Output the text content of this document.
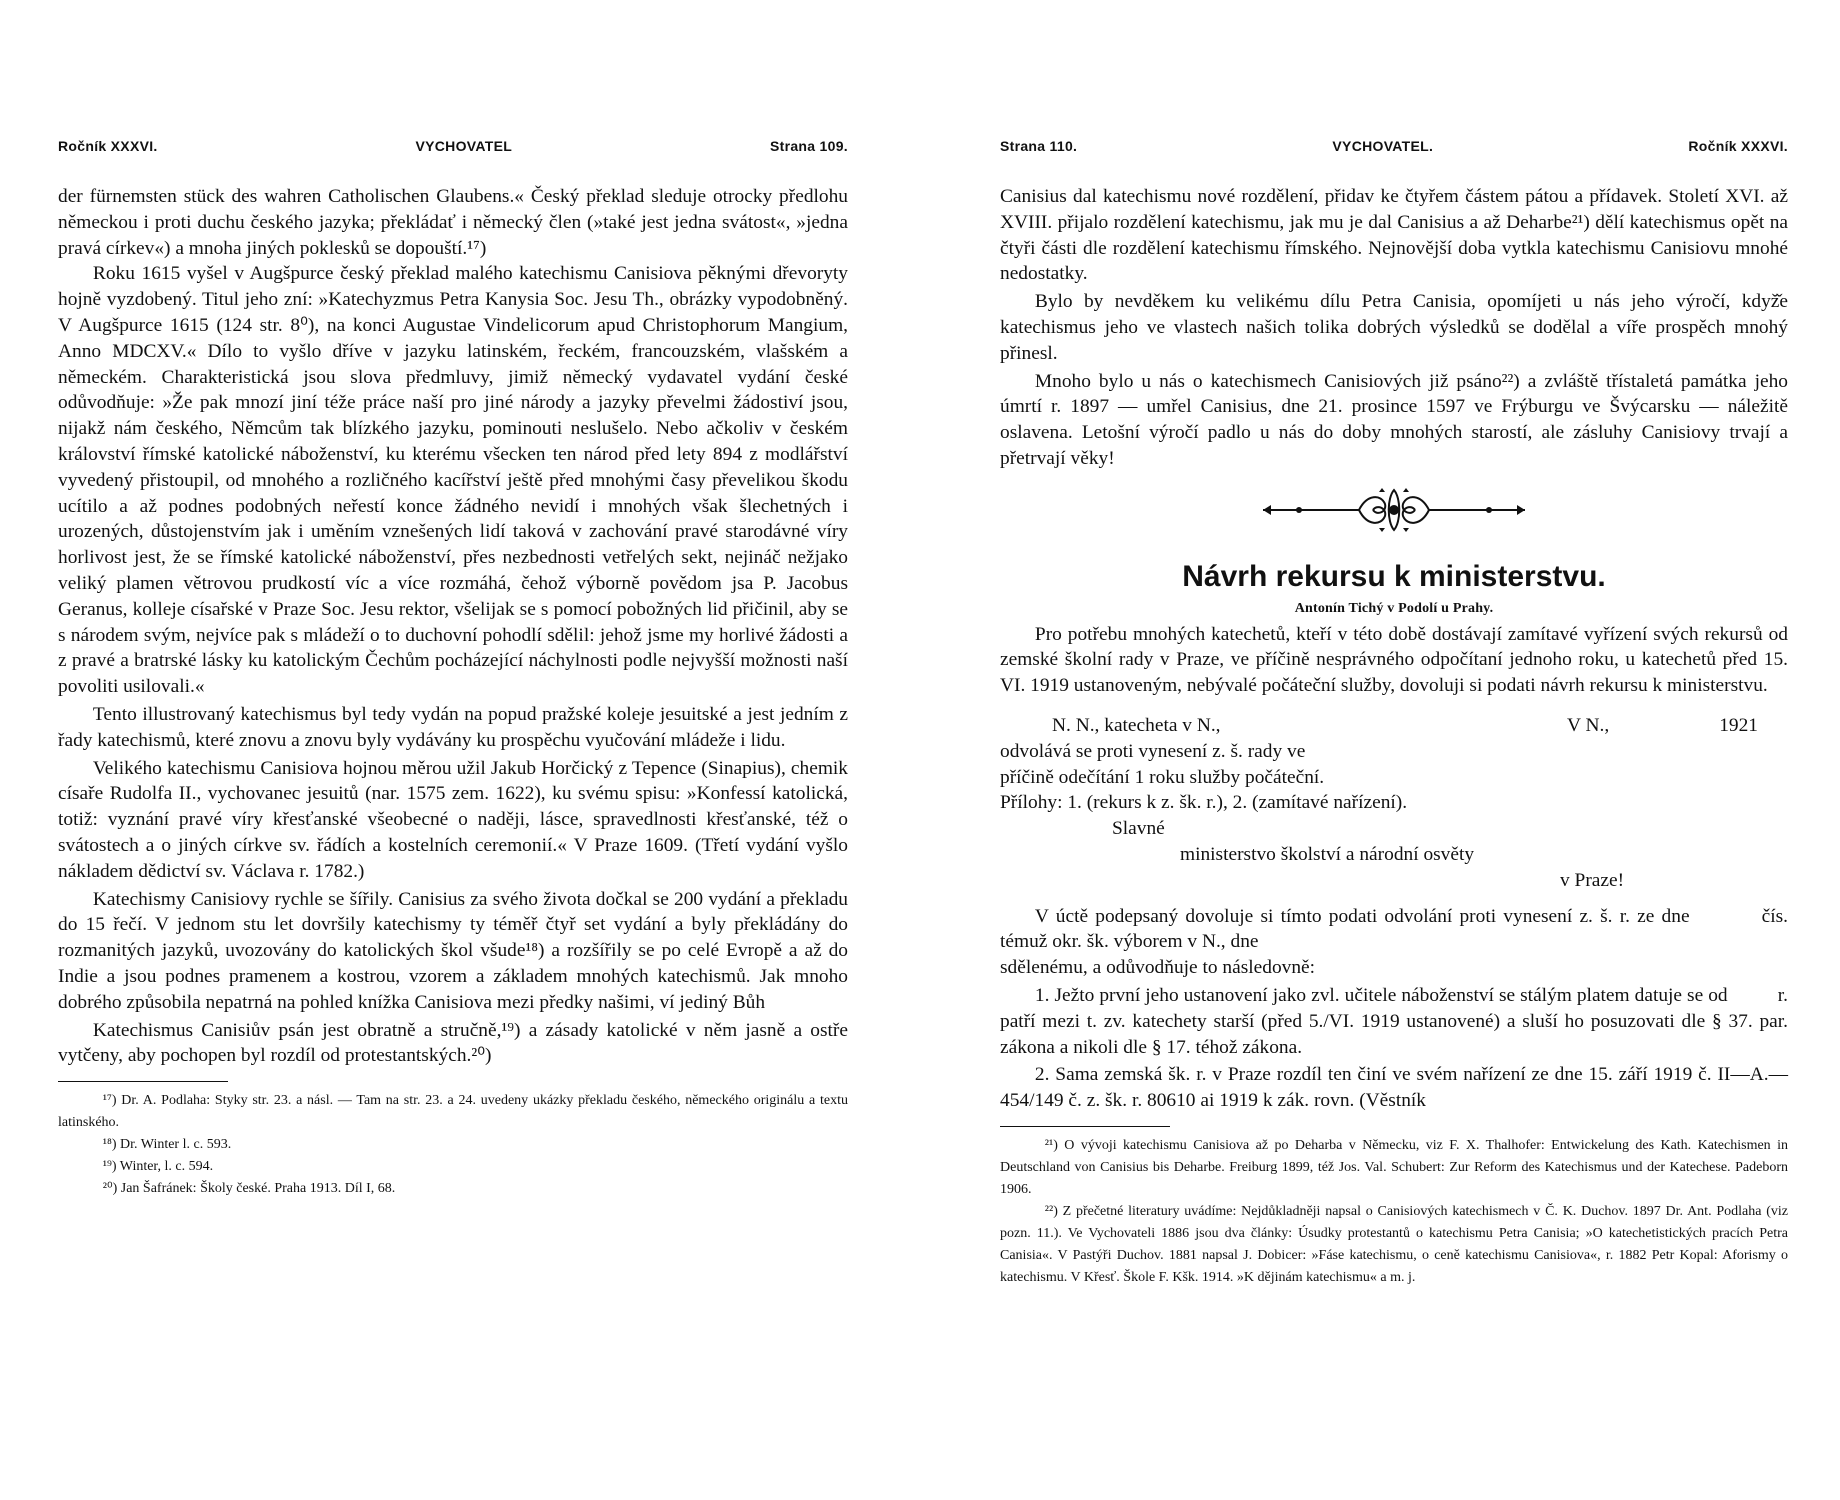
Ročník XXXVI.	VYCHOVATEL	Strana 109.

der fürnemsten stück des wahren Catholischen Glaubens.« Český překlad sleduje otrocky předlohu německou i proti duchu českého jazyka; překládať i německý člen (»také jest jedna svátost«, »jedna pravá církev«) a mnoha jiných poklesků se dopouští.¹⁷)

Roku 1615 vyšel v Augšpurce český překlad malého katechismu Canisiova pěknými dřevoryty hojně vyzdobený. Titul jeho zní: »Katechyzmus Petra Kanysia Soc. Jesu Th., obrázky vypodobněný. V Augšpurce 1615 (124 str. 8⁰), na konci Augustae Vindelicorum apud Christophorum Mangium, Anno MDCXV.« Dílo to vyšlo dříve v jazyku latinském, řeckém, francouzském, vlašském a německém. Charakteristická jsou slova předmluvy, jimiž německý vydavatel vydání české odůvodňuje: »Že pak mnozí jiní téže práce naší pro jiné národy a jazyky převelmi žádostiví jsou, nijakž nám českého, Němcům tak blízkého jazyku, pominouti neslušelo. Nebo ačkoliv v českém království římské katolické náboženství, ku kterému všecken ten národ před lety 894 z modlářství vyvedený přistoupil, od mnohého a rozličného kacířství ještě před mnohými časy převelikou škodu ucítilo a až podnes podobných neřestí konce žádného nevidí i mnohých však šlechetných i urozených, důstojenstvím jak i uměním vznešených lidí taková v zachování pravé starodávné víry horlivost jest, že se římské katolické náboženství, přes nezbednosti vetřelých sekt, nejináč nežjako veliký plamen větrovou prudkostí víc a více rozmáhá, čehož výborně povědom jsa P. Jacobus Geranus, kolleje císařské v Praze Soc. Jesu rektor, všelijak se s pomocí pobožných lid přičinil, aby se s národem svým, nejvíce pak s mládeží o to duchovní pohodlí sdělil: jehož jsme my horlivé žádosti a z pravé a bratrské lásky ku katolickým Čechům pocházející náchylnosti podle nejvyšší možnosti naší povoliti usilovali.«

Tento illustrovaný katechismus byl tedy vydán na popud pražské koleje jesuitské a jest jedním z řady katechismů, které znovu a znovu byly vydávány ku prospěchu vyučování mládeže i lidu.

Velikého katechismu Canisiova hojnou měrou užil Jakub Horčický z Tepence (Sinapius), chemik císaře Rudolfa II., vychovanec jesuitů (nar. 1575 zem. 1622), ku svému spisu: »Konfessí katolická, totiž: vyznání pravé víry křesťanské všeobecné o naději, lásce, spravedlnosti křesťanské, též o svátostech a o jiných církve sv. řádích a kostelních ceremonií.« V Praze 1609. (Třetí vydání vyšlo nákladem dědictví sv. Václava r. 1782.)

Katechismy Canisiovy rychle se šířily. Canisius za svého života dočkal se 200 vydání a překladu do 15 řečí. V jednom stu let dovršily katechismy ty téměř čtyř set vydání a byly překládány do rozmanitých jazyků, uvozovány do katolických škol všude¹⁸) a rozšířily se po celé Evropě a až do Indie a jsou podnes pramenem a kostrou, vzorem a základem mnohých katechismů. Jak mnoho dobrého způsobila nepatrná na pohled knížka Canisiova mezi předky našimi, ví jediný Bůh

Katechismus Canisiův psán jest obratně a stručně,¹⁹) a zásady katolické v něm jasně a ostře vytčeny, aby pochopen byl rozdíl od protestantských.²⁰)

¹⁷) Dr. A. Podlaha: Styky str. 23. a násl. — Tam na str. 23. a 24. uvedeny ukázky překladu českého, německého originálu a textu latinského.

¹⁸) Dr. Winter l. c. 593.

¹⁹) Winter, l. c. 594.

²⁰) Jan Šafránek: Školy české. Praha 1913. Díl I, 68.

Strana 110.	VYCHOVATEL.	Ročník XXXVI.

Canisius dal katechismu nové rozdělení, přidav ke čtyřem částem pátou a přídavek. Století XVI. až XVIII. přijalo rozdělení katechismu, jak mu je dal Canisius a až Deharbe²¹) dělí katechismus opět na čtyři části dle rozdělení katechismu římského. Nejnovější doba vytkla katechismu Canisiovu mnohé nedostatky.

Bylo by nevděkem ku velikému dílu Petra Canisia, opomíjeti u nás jeho výročí, když̌e katechismus jeho ve vlastech našich tolika dobrých výsledků se dodělal a víře prospěch mnohý přinesl.

Mnoho bylo u nás o katechismech Canisiových již psáno²²) a zvláště třístaletá památka jeho úmrtí r. 1897 — umřel Canisius, dne 21. prosince 1597 ve Frýburgu ve Švýcarsku — náležitě oslavena. Letošní výročí padlo u nás do doby mnohých starostí, ale zásluhy Canisiovy trvají a přetrvají věky!

Návrh rekursu k ministerstvu.
Antonín Tichý v Podolí u Prahy.

Pro potřebu mnohých katechetů, kteří v této době dostávají zamítavé vyřízení svých rekursů od zemské školní rady v Praze, ve příčině nesprávného odpočítaní jednoho roku, u katechetů před 15. VI. 1919 ustanoveným, nebývalé počáteční služby, dovoluji si podati návrh rekursu k ministerstvu.

N. N., katecheta v N.,	V N.,	1921
odvolává se proti vynesení z. š. rady ve
příčině odečítání 1 roku služby počáteční.
Přílohy: 1. (rekurs k z. šk. r.), 2. (zamítavé nařízení).
Slavné
ministerstvo školství a národní osvěty
v Praze!

V úctě podepsaný dovoluje si tímto podati odvolání proti vynesení z. š. r. ze dne          čís.          témuž okr. šk. výborem v N., dne

sdělenému, a odůvodňuje to následovně:

1. Ježto první jeho ustanovení jako zvl. učitele náboženství se stálým platem datuje se od          r.          patří mezi t. zv. katechety starší (před 5./VI. 1919 ustanovené) a sluší ho posuzovati dle § 37. par. zákona a nikoli dle § 17. téhož zákona.

2. Sama zemská šk. r. v Praze rozdíl ten činí ve svém nařízení ze dne 15. září 1919 č. II—A.—454/149 č. z. šk. r. 80610 ai 1919 k zák. rovn. (Věstník

²¹) O vývoji katechismu Canisiova až po Deharba v Německu, viz F. X. Thalhofer: Entwickelung des Kath. Katechismen in Deutschland von Canisius bis Deharbe. Freiburg 1899, též Jos. Val. Schubert: Zur Reform des Katechismus und der Katechese. Padeborn 1906.

²²) Z přečetné literatury uvádíme: Nejdůkladněji napsal o Canisiových katechismech v Č. K. Duchov. 1897 Dr. Ant. Podlaha (viz pozn. 11.). Ve Vychovateli 1886 jsou dva články: Úsudky protestantů o katechismu Petra Canisia; »O katechetistických pracích Petra Canisia«. V Pastýři Duchov. 1881 napsal J. Dobicer: »Fáse katechismu, o ceně katechismu Canisiova«, r. 1882 Petr Kopal: Aforismy o katechismu. V Křesť. Škole F. Kšk. 1914. »K dějinám katechismu« a m. j.
